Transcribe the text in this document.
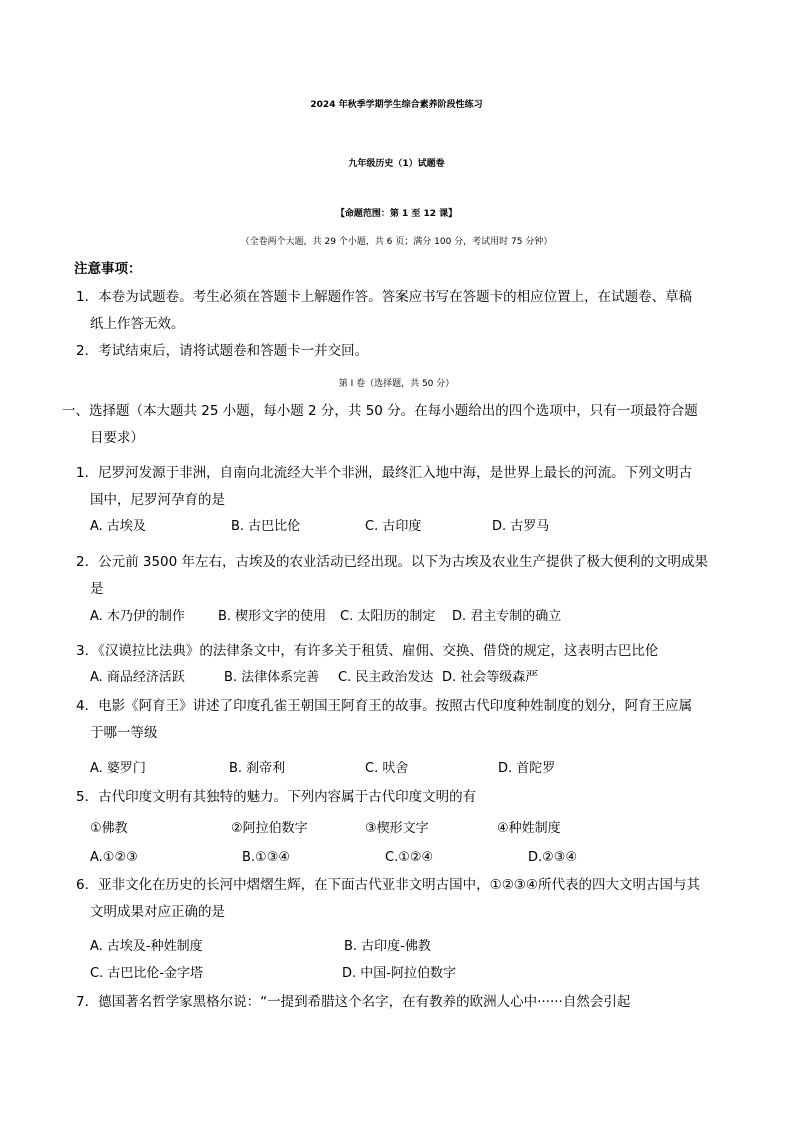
2024 年秋季学期学生综合素养阶段性练习
九年级历史（1）试题卷
【命题范围：第 1 至 12 课】
（全卷两个大题，共 29 个小题，共 6 页；满分 100 分，考试用时 75 分钟）
注意事项：
1．本卷为试题卷。考生必须在答题卡上解题作答。答案应书写在答题卡的相应位置上，在试题卷、草稿
纸上作答无效。
2．考试结束后，请将试题卷和答题卡一并交回。
第 I 卷（选择题，共 50 分）
一、选择题（本大题共 25 小题，每小题 2 分，共 50 分。在每小题给出的四个选项中，只有一项最符合题
目要求）
1．尼罗河发源于非洲，自南向北流经大半个非洲，最终汇入地中海，是世界上最长的河流。下列文明古
国中，尼罗河孕育的是
A. 古埃及	B. 古巴比伦	C. 古印度	D. 古罗马
2．公元前 3500 年左右，古埃及的农业活动已经出现。以下为古埃及农业生产提供了极大便利的文明成果
是
A. 木乃伊的制作	B. 楔形文字的使用 C. 太阳历的制定 D. 君主专制的确立
3．《汉谟拉比法典》的法律条文中，有许多关于租赁、雇佣、交换、借贷的规定，这表明古巴比伦
A. 商品经济活跃	B. 法律体系完善 C. 民主政治发达 D. 社会等级森严
4．电影《阿育王》讲述了印度孔雀王朝国王阿育王的故事。按照古代印度种姓制度的划分，阿育王应属
于哪一等级
A. 婆罗门	B. 刹帝利	C. 吠舍	D. 首陀罗
5．古代印度文明有其独特的魅力。下列内容属于古代印度文明的有
①佛教	②阿拉伯数字	③楔形文字	④种姓制度
A.①②③	B.①③④	C.①②④	D.②③④
6．亚非文化在历史的长河中熠熠生辉，在下面古代亚非文明古国中，①②③④所代表的四大文明古国与其
文明成果对应正确的是
A. 古埃及-种姓制度	B. 古印度-佛教
C. 古巴比伦-金字塔	D. 中国-阿拉伯数字
7．德国著名哲学家黑格尔说：“一提到希腊这个名字，在有教养的欧洲人心中······自然会引起
